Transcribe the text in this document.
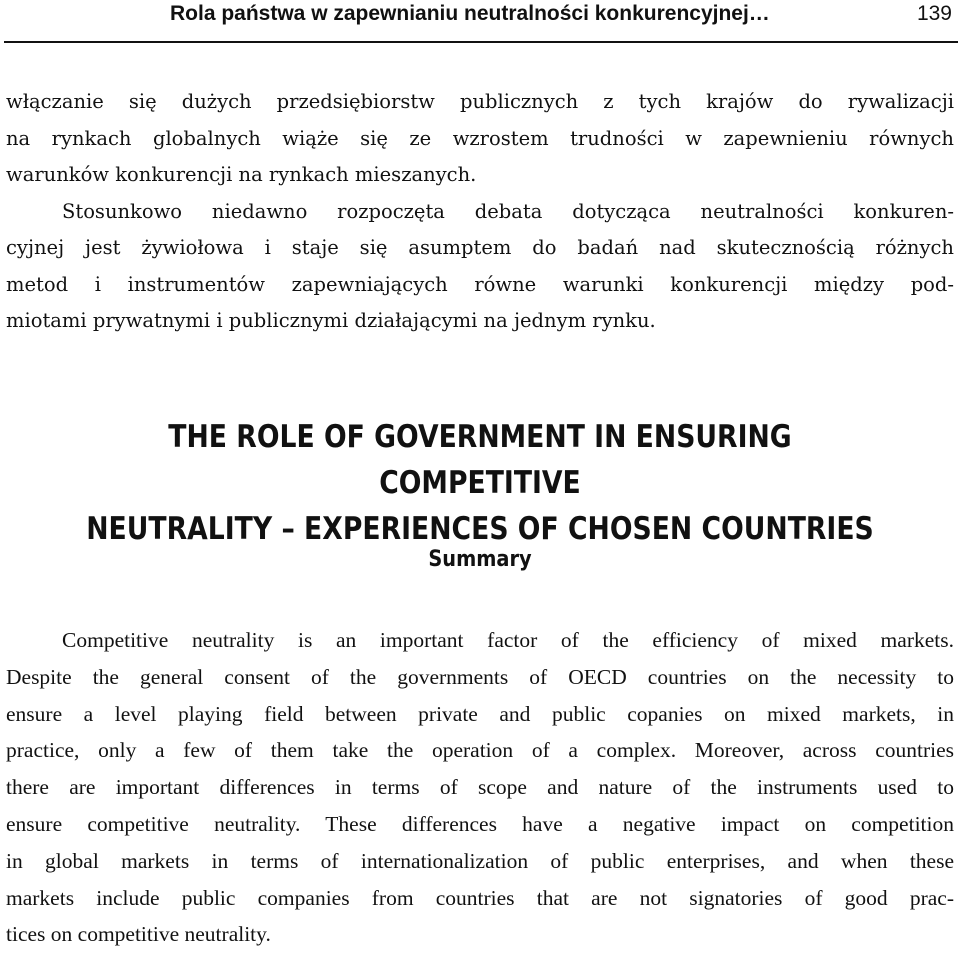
Rola państwa w zapewnianiu neutralności konkurencyjnej…	139
włączanie się dużych przedsiębiorstw publicznych z tych krajów do rywalizacji
na rynkach globalnych wiąże się ze wzrostem trudności w zapewnieniu równych
warunków konkurencji na rynkach mieszanych.
Stosunkowo niedawno rozpoczęta debata dotycząca neutralności konkuren-
cyjnej jest żywiołowa i staje się asumptem do badań nad skutecznością różnych
metod i instrumentów zapewniających równe warunki konkurencji między pod-
miotami prywatnymi i publicznymi działającymi na jednym rynku.
THE ROLE OF GOVERNMENT IN ENSURING COMPETITIVE
NEUTRALITY – EXPERIENCES OF CHOSEN COUNTRIES
Summary
Competitive neutrality is an important factor of the efficiency of mixed markets.
Despite the general consent of the governments of OECD countries on the necessity to
ensure a level playing field between private and public copanies on mixed markets, in
practice, only a few of them take the operation of a complex. Moreover, across countries
there are important differences in terms of scope and nature of the instruments used to
ensure competitive neutrality. These differences have a negative impact on competition
in global markets in terms of internationalization of public enterprises, and when these
markets include public companies from countries that are not signatories of good prac-
tices on competitive neutrality.
